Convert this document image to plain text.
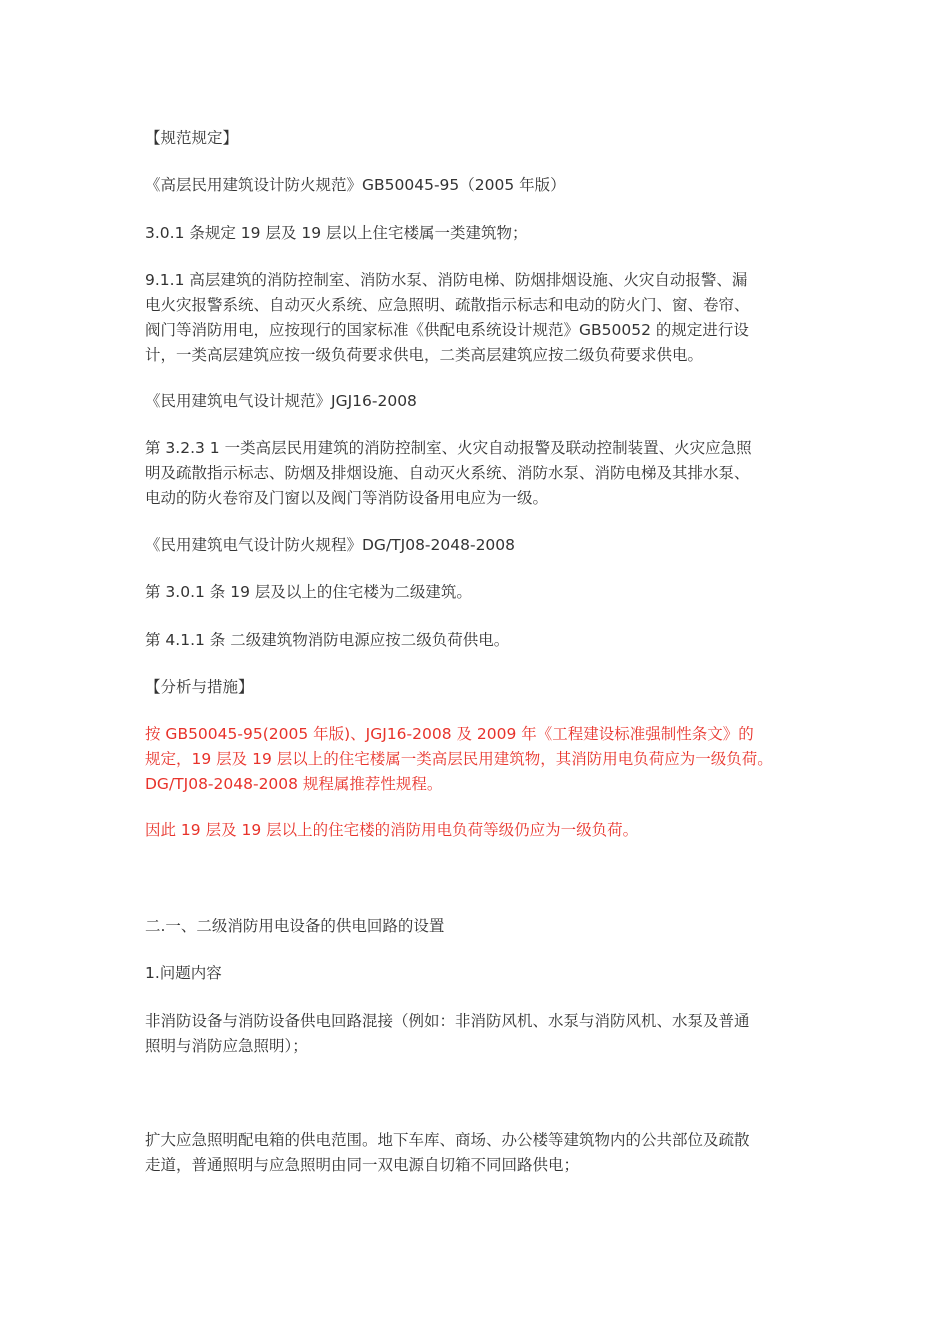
【规范规定】
《高层民用建筑设计防火规范》GB50045-95（2005 年版）
3.0.1 条规定 19 层及 19 层以上住宅楼属一类建筑物；
9.1.1 高层建筑的消防控制室、消防水泵、消防电梯、防烟排烟设施、火灾自动报警、漏
电火灾报警系统、自动灭火系统、应急照明、疏散指示标志和电动的防火门、窗、卷帘、
阀门等消防用电，应按现行的国家标准《供配电系统设计规范》GB50052 的规定进行设
计，一类高层建筑应按一级负荷要求供电，二类高层建筑应按二级负荷要求供电。
《民用建筑电气设计规范》JGJ16-2008
第 3.2.3 1 一类高层民用建筑的消防控制室、火灾自动报警及联动控制装置、火灾应急照
明及疏散指示标志、防烟及排烟设施、自动灭火系统、消防水泵、消防电梯及其排水泵、
电动的防火卷帘及门窗以及阀门等消防设备用电应为一级。
《民用建筑电气设计防火规程》DG/TJ08-2048-2008
第 3.0.1 条 19 层及以上的住宅楼为二级建筑。
第 4.1.1 条 二级建筑物消防电源应按二级负荷供电。
【分析与措施】
按 GB50045-95(2005 年版)、JGJ16-2008 及 2009 年《工程建设标准强制性条文》的
规定，19 层及 19 层以上的住宅楼属一类高层民用建筑物，其消防用电负荷应为一级负荷。
DG/TJ08-2048-2008 规程属推荐性规程。
因此 19 层及 19 层以上的住宅楼的消防用电负荷等级仍应为一级负荷。
二.一、二级消防用电设备的供电回路的设置
1.问题内容
非消防设备与消防设备供电回路混接（例如：非消防风机、水泵与消防风机、水泵及普通
照明与消防应急照明）；
扩大应急照明配电箱的供电范围。地下车库、商场、办公楼等建筑物内的公共部位及疏散
走道，普通照明与应急照明由同一双电源自切箱不同回路供电；
